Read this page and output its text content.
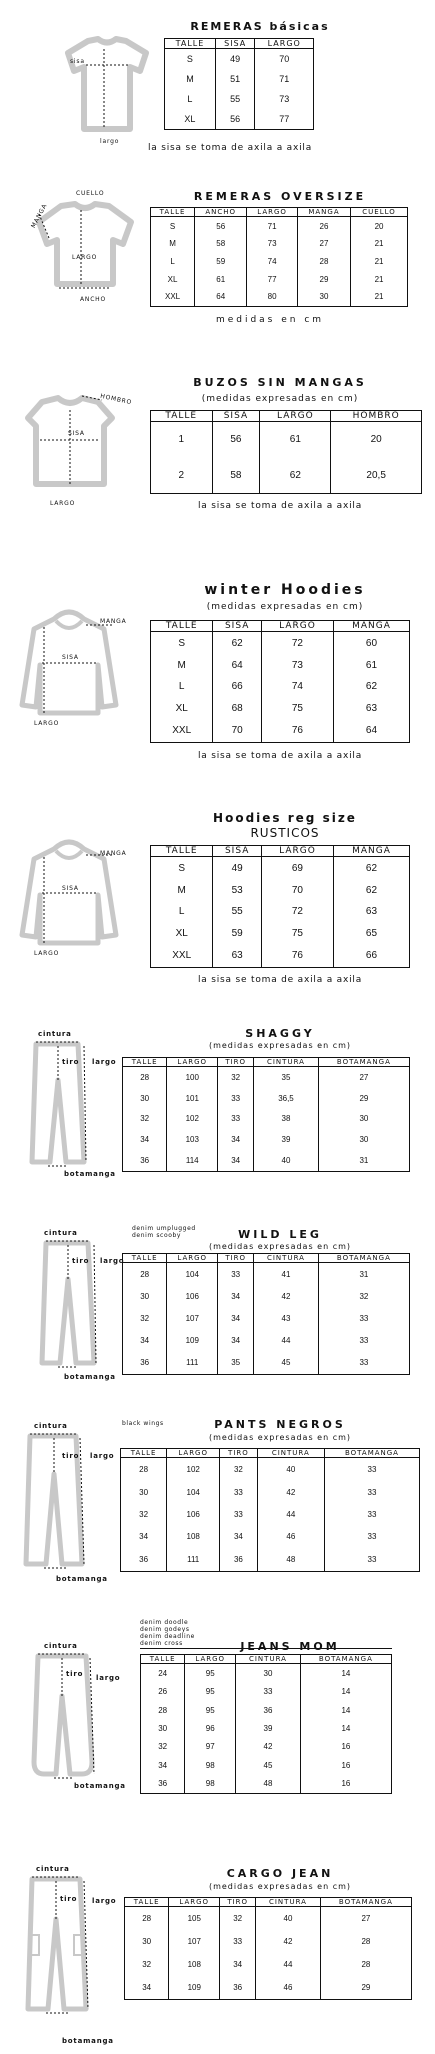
sisa
largo
REMERAS básicas
TALLE	SISA	LARGO
S	49	70
M	51	71
L	55	73
XL	56	77
la sisa se toma de axila a axila
CUELLO
MANGA
LARGO
ANCHO
REMERAS OVERSIZE
TALLE	ANCHO	LARGO	MANGA	CUELLO
S	56	71	26	20
M	58	73	27	21
L	59	74	28	21
XL	61	77	29	21
XXL	64	80	30	21
medidas en cm
HOMBRO
SISA
LARGO
BUZOS SIN MANGAS
(medidas expresadas en cm)
TALLE	SISA	LARGO	HOMBRO
1	56	61	20
2	58	62	20,5
la sisa se toma de axila a axila
MANGA
SISA
LARGO
winter Hoodies
(medidas expresadas en cm)
TALLE	SISA	LARGO	MANGA
S	62	72	60
M	64	73	61
L	66	74	62
XL	68	75	63
XXL	70	76	64
la sisa se toma de axila a axila
MANGA
SISA
LARGO
Hoodies reg size
RUSTICOS
TALLE	SISA	LARGO	MANGA
S	49	69	62
M	53	70	62
L	55	72	63
XL	59	75	65
XXL	63	76	66
la sisa se toma de axila a axila
cintura
tiro largo
botamanga
SHAGGY
(medidas expresadas en cm)
TALLE	LARGO	TIRO	CINTURA	BOTAMANGA
28	100	32	35	27
30	101	33	36,5	29
32	102	33	38	30
34	103	34	39	30
36	114	34	40	31
cintura
tiro largo
botamanga
denim umplugged
denim scooby	WILD LEG
(medidas expresadas en cm)
TALLE	LARGO	TIRO	CINTURA	BOTAMANGA
28	104	33	41	31
30	106	34	42	32
32	107	34	43	33
34	109	34	44	33
36	111	35	45	33
cintura
tiro largo
botamanga
black wings	PANTS NEGROS
(medidas expresadas en cm)
TALLE	LARGO	TIRO	CINTURA	BOTAMANGA
28	102	32	40	33
30	104	33	42	33
32	106	33	44	33
34	108	34	46	33
36	111	36	48	33
cintura
tiro largo
botamanga
denim doodle
denim godeys
denim deadline
denim cross	JEANS MOM
TALLE	LARGO	CINTURA	BOTAMANGA
24	95	30	14
26	95	33	14
28	95	36	14
30	96	39	14
32	97	42	16
34	98	45	16
36	98	48	16
cintura
tiro largo
botamanga
CARGO JEAN
(medidas expresadas en cm)
TALLE	LARGO	TIRO	CINTURA	BOTAMANGA
28	105	32	40	27
30	107	33	42	28
32	108	34	44	28
34	109	36	46	29
